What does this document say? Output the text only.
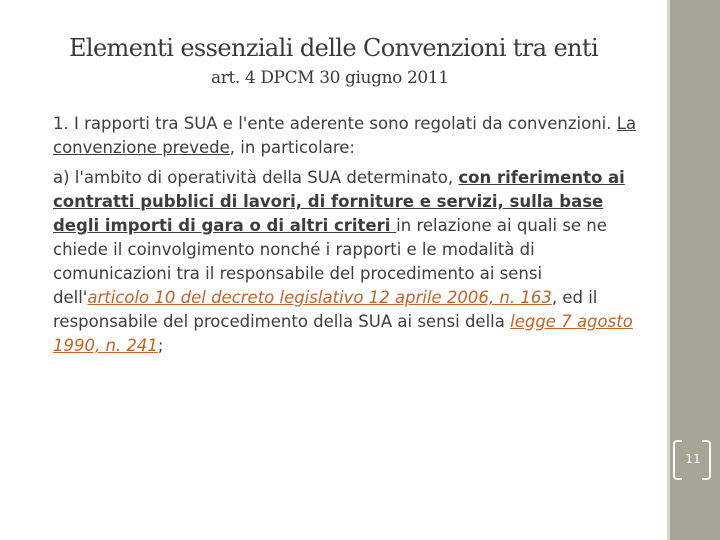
Elementi essenziali delle Convenzioni tra enti
art. 4 DPCM 30 giugno 2011

1. I rapporti tra SUA e l'ente aderente sono regolati da convenzioni. La convenzione prevede, in particolare:

a) l'ambito di operatività della SUA determinato, con riferimento ai contratti pubblici di lavori, di forniture e servizi, sulla base degli importi di gara o di altri criteri in relazione ai quali se ne chiede il coinvolgimento nonché i rapporti e le modalità di comunicazioni tra il responsabile del procedimento ai sensi dell'articolo 10 del decreto legislativo 12 aprile 2006, n. 163, ed il responsabile del procedimento della SUA ai sensi della legge 7 agosto 1990, n. 241;

11
